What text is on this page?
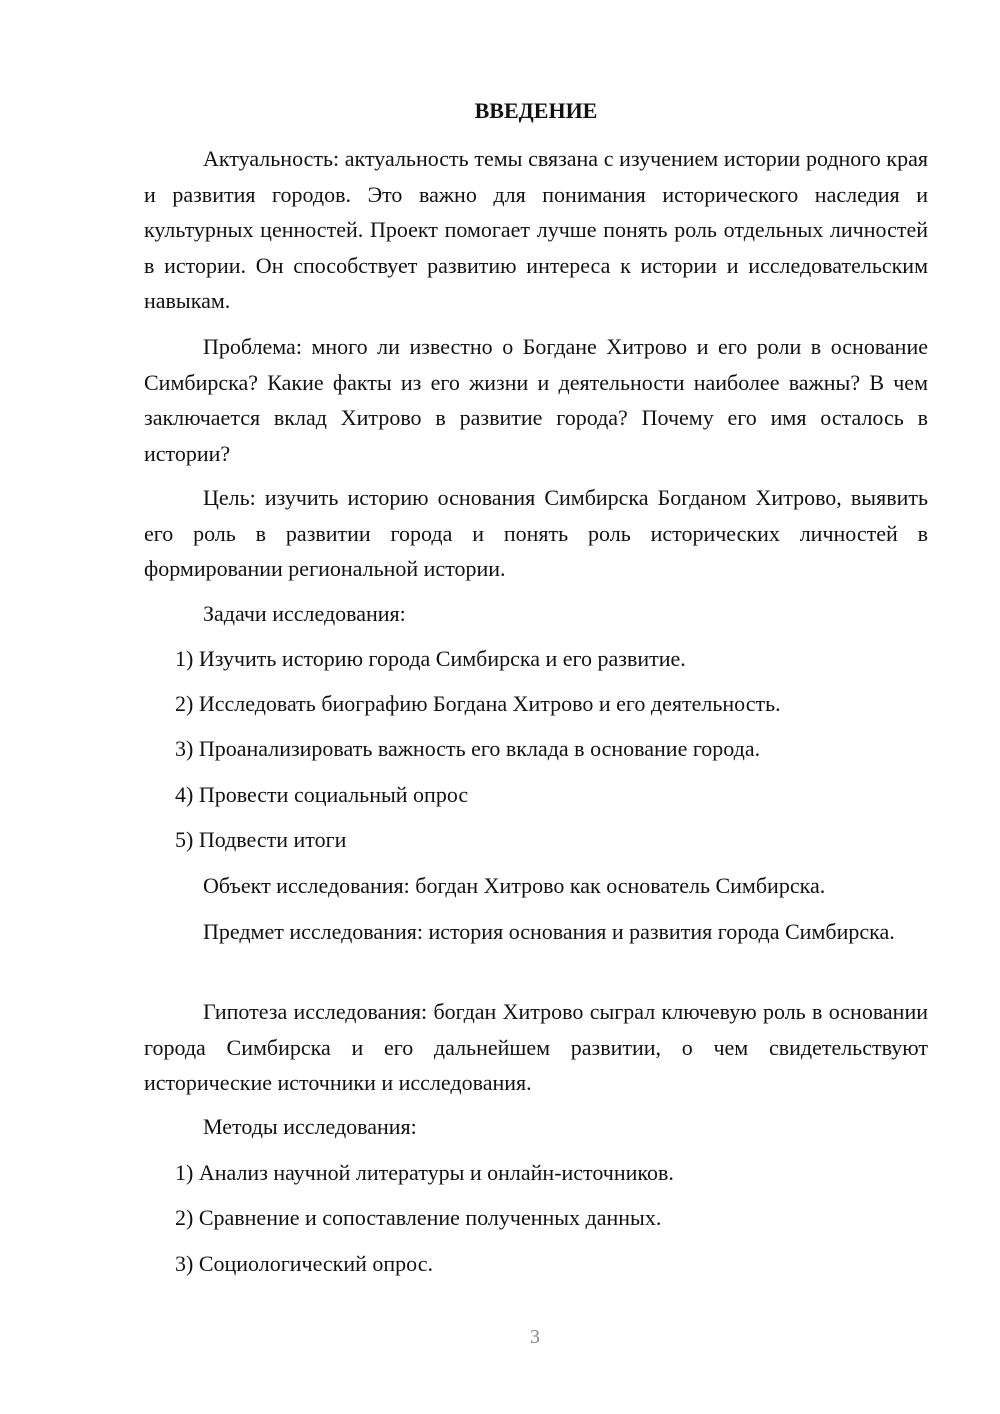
ВВЕДЕНИЕ

Актуальность: актуальность темы связана с изучением истории родного края и развития городов. Это важно для понимания исторического наследия и культурных ценностей. Проект помогает лучше понять роль отдельных личностей в истории. Он способствует развитию интереса к истории и исследовательским навыкам.

Проблема: много ли известно о Богдане Хитрово и его роли в основание Симбирска? Какие факты из его жизни и деятельности наиболее важны? В чем заключается вклад Хитрово в развитие города? Почему его имя осталось в истории?

Цель: изучить историю основания Симбирска Богданом Хитрово, выявить его роль в развитии города и понять роль исторических личностей в формировании региональной истории.

Задачи исследования:

1) Изучить историю города Симбирска и его развитие.

2) Исследовать биографию Богдана Хитрово и его деятельность.

3) Проанализировать важность его вклада в основание города.

4) Провести социальный опрос

5) Подвести итоги

Объект исследования: богдан Хитрово как основатель Симбирска.

Предмет исследования: история основания и развития города Симбирска.

Гипотеза исследования: богдан Хитрово сыграл ключевую роль в основании города Симбирска и его дальнейшем развитии, о чем свидетельствуют исторические источники и исследования.

Методы исследования:

1) Анализ научной литературы и онлайн-источников.

2) Сравнение и сопоставление полученных данных.

3) Социологический опрос.

3
